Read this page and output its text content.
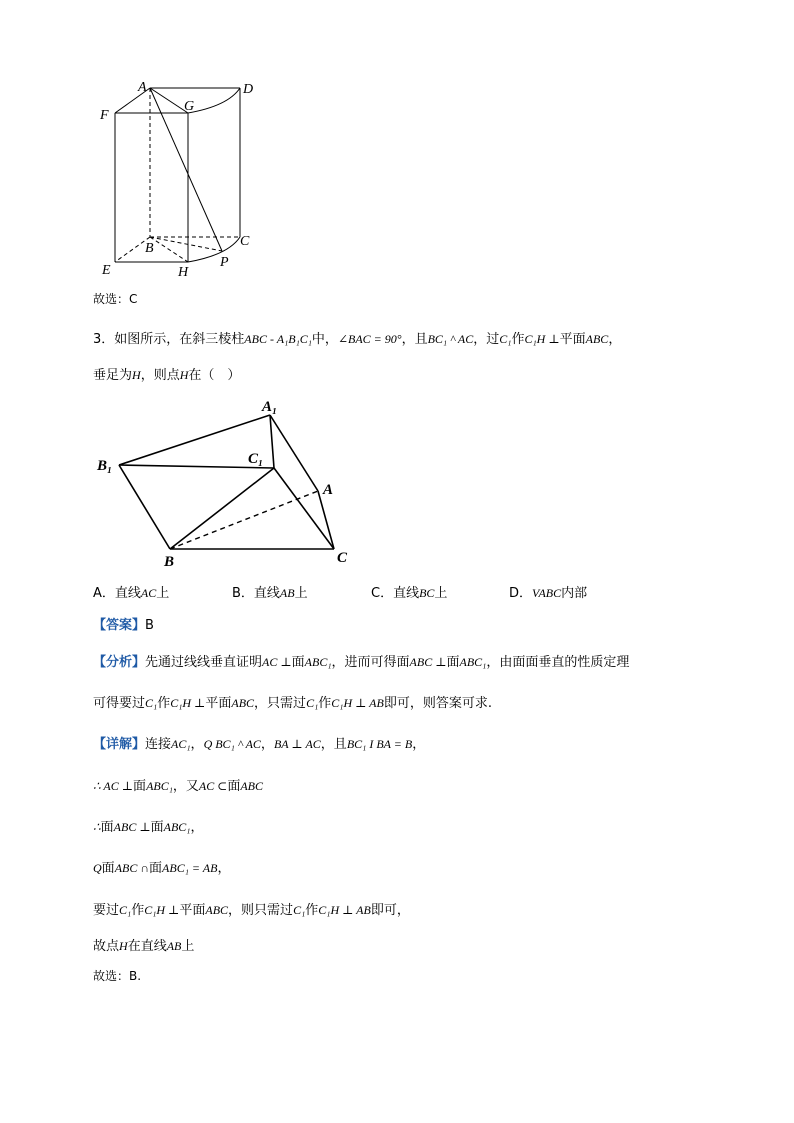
A	D
F
G
B	C
E	H
P
故选：C
3．如图所示，在斜三棱柱ABC - A₁B₁C₁中，∠BAC = 90°，且BC₁ ^ AC，过C₁作C₁H ⊥平面ABC，
垂足为H，则点H在（　）
A₁
B₁	C₁
A
B	C
A．直线AC上	B．直线AB上	C．直线BC上	D．VABC内部
【答案】B
【分析】先通过线线垂直证明AC ⊥面ABC₁，进而可得面ABC ⊥面ABC₁，由面面垂直的性质定理
可得要过C₁作C₁H ⊥平面ABC，只需过C₁作C₁H ⊥ AB即可，则答案可求.
【详解】连接AC₁，Q BC₁ ^ AC，BA ⊥ AC，且BC₁ I BA = B，
∴ AC ⊥面ABC₁，又AC ⊂面ABC
∴面ABC ⊥面ABC₁，
Q面ABC ∩面ABC₁ = AB，
要过C₁作C₁H ⊥平面ABC，则只需过C₁作C₁H ⊥ AB即可，
故点H在直线AB上
故选：B.
